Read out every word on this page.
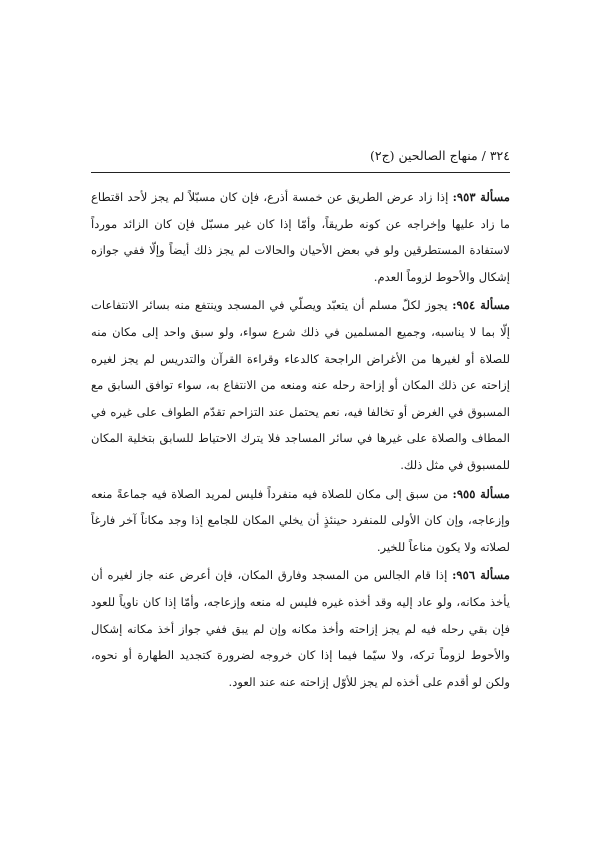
٣٢٤ / منهاج الصالحين (ج٢)

مسألة ٩٥٣: إذا زاد عرض الطريق عن خمسة أذرع، فإن كان مسبّلاً لم يجز لأحد اقتطاع ما زاد عليها وإخراجه عن كونه طريقاً، وأمّا إذا كان غير مسبّل فإن كان الزائد مورداً لاستفادة المستطرقين ولو في بعض الأحيان والحالات لم يجز ذلك أيضاً وإلّا ففي جوازه إشكال والأحوط لزوماً العدم.

مسألة ٩٥٤: يجوز لكلّ مسلم أن يتعبّد ويصلّي في المسجد وينتفع منه بسائر الانتفاعات إلّا بما لا يناسبه، وجميع المسلمين في ذلك شرع سواء، ولو سبق واحد إلى مكان منه للصلاة أو لغيرها من الأغراض الراجحة كالدعاء وقراءة القرآن والتدريس لم يجز لغيره إزاحته عن ذلك المكان أو إزاحة رحله عنه ومنعه من الانتفاع به، سواء توافق السابق مع المسبوق في الغرض أو تخالفا فيه، نعم يحتمل عند التزاحم تقدّم الطواف على غيره في المطاف والصلاة على غيرها في سائر المساجد فلا يترك الاحتياط للسابق بتخلية المكان للمسبوق في مثل ذلك.

مسألة ٩٥٥: من سبق إلى مكان للصلاة فيه منفرداً فليس لمريد الصلاة فيه جماعةً منعه وإزعاجه، وإن كان الأولى للمنفرد حينئذٍ أن يخلي المكان للجامع إذا وجد مكاناً آخر فارغاً لصلاته ولا يكون مناعاً للخير.

مسألة ٩٥٦: إذا قام الجالس من المسجد وفارق المكان، فإن أعرض عنه جاز لغيره أن يأخذ مكانه، ولو عاد إليه وقد أخذه غيره فليس له منعه وإزعاجه، وأمّا إذا كان ناوياً للعود فإن بقي رحله فيه لم يجز إزاحته وأخذ مكانه وإن لم يبق ففي جواز أخذ مكانه إشكال والأحوط لزوماً تركه، ولا سيّما فيما إذا كان خروجه لضرورة كتجديد الطهارة أو نحوه، ولكن لو أقدم على أخذه لم يجز للأوّل إزاحته عنه عند العود.
